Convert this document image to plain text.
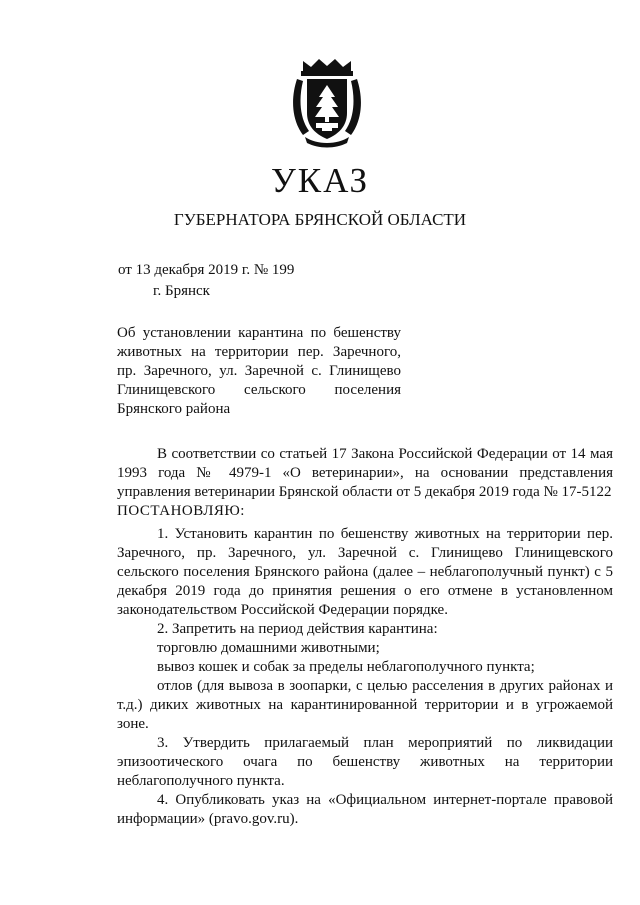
УКАЗ
ГУБЕРНАТОРА БРЯНСКОЙ ОБЛАСТИ
от 13 декабря 2019 г. № 199
г. Брянск
Об установлении карантина по бешенству животных на территории пер. Заречного, пр. Заречного, ул. Заречной с. Глинищево Глинищевского сельского поселения Брянского района

В соответствии со статьей 17 Закона Российской Федерации от 14 мая 1993 года № 4979-1 «О ветеринарии», на основании представления управления ветеринарии Брянской области от 5 декабря 2019 года № 17-5122

ПОСТАНОВЛЯЮ:

1. Установить карантин по бешенству животных на территории пер. Заречного, пр. Заречного, ул. Заречной с. Глинищево Глинищевского сельского поселения Брянского района (далее – неблагополучный пункт) с 5 декабря 2019 года до принятия решения о его отмене в установленном законодательством Российской Федерации порядке.

2. Запретить на период действия карантина:

торговлю домашними животными;

вывоз кошек и собак за пределы неблагополучного пункта;

отлов (для вывоза в зоопарки, с целью расселения в других районах и т.д.) диких животных на карантинированной территории и в угрожаемой зоне.

3. Утвердить прилагаемый план мероприятий по ликвидации эпизоотического очага по бешенству животных на территории неблагополучного пункта.

4. Опубликовать указ на «Официальном интернет-портале правовой информации» (pravo.gov.ru).
